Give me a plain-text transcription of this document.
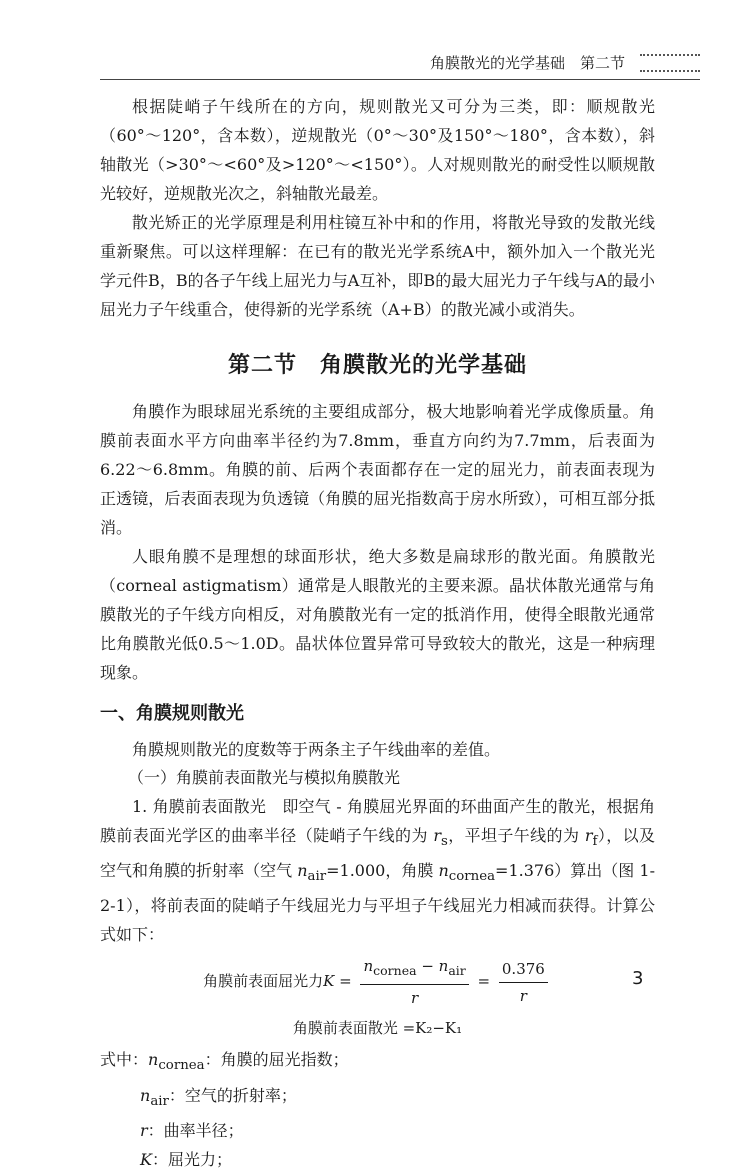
角膜散光的光学基础　第二节

根据陡峭子午线所在的方向，规则散光又可分为三类，即：顺规散光（60°～120°，含本数），逆规散光（0°～30°及150°～180°，含本数），斜轴散光（>30°～<60°及>120°～<150°）。人对规则散光的耐受性以顺规散光较好，逆规散光次之，斜轴散光最差。

散光矫正的光学原理是利用柱镜互补中和的作用，将散光导致的发散光线重新聚焦。可以这样理解：在已有的散光光学系统A中，额外加入一个散光光学元件B，B的各子午线上屈光力与A互补，即B的最大屈光力子午线与A的最小屈光力子午线重合，使得新的光学系统（A+B）的散光减小或消失。

第二节　角膜散光的光学基础

角膜作为眼球屈光系统的主要组成部分，极大地影响着光学成像质量。角膜前表面水平方向曲率半径约为7.8mm，垂直方向约为7.7mm，后表面为6.22～6.8mm。角膜的前、后两个表面都存在一定的屈光力，前表面表现为正透镜，后表面表现为负透镜（角膜的屈光指数高于房水所致），可相互部分抵消。

人眼角膜不是理想的球面形状，绝大多数是扁球形的散光面。角膜散光（corneal astigmatism）通常是人眼散光的主要来源。晶状体散光通常与角膜散光的子午线方向相反，对角膜散光有一定的抵消作用，使得全眼散光通常比角膜散光低0.5～1.0D。晶状体位置异常可导致较大的散光，这是一种病理现象。

一、角膜规则散光

角膜规则散光的度数等于两条主子午线曲率的差值。

（一）角膜前表面散光与模拟角膜散光

1. 角膜前表面散光　即空气 - 角膜屈光界面的环曲面产生的散光，根据角膜前表面光学区的曲率半径（陡峭子午线的为 $r_s$，平坦子午线的为 $r_f$），以及空气和角膜的折射率（空气 $n_{air}=1.000$，角膜 $n_{cornea}=1.376$）算出（图 1-2-1），将前表面的陡峭子午线屈光力与平坦子午线屈光力相减而获得。计算公式如下：

角膜前表面屈光力$K = \frac{n_{cornea} - n_{air}}{r} = \frac{0.376}{r}$
角膜前表面散光 =K₂−K₁
式中：$n_{cornea}$：角膜的屈光指数；
$n_{air}$：空气的折射率；
r：曲率半径；
K：屈光力；
3
